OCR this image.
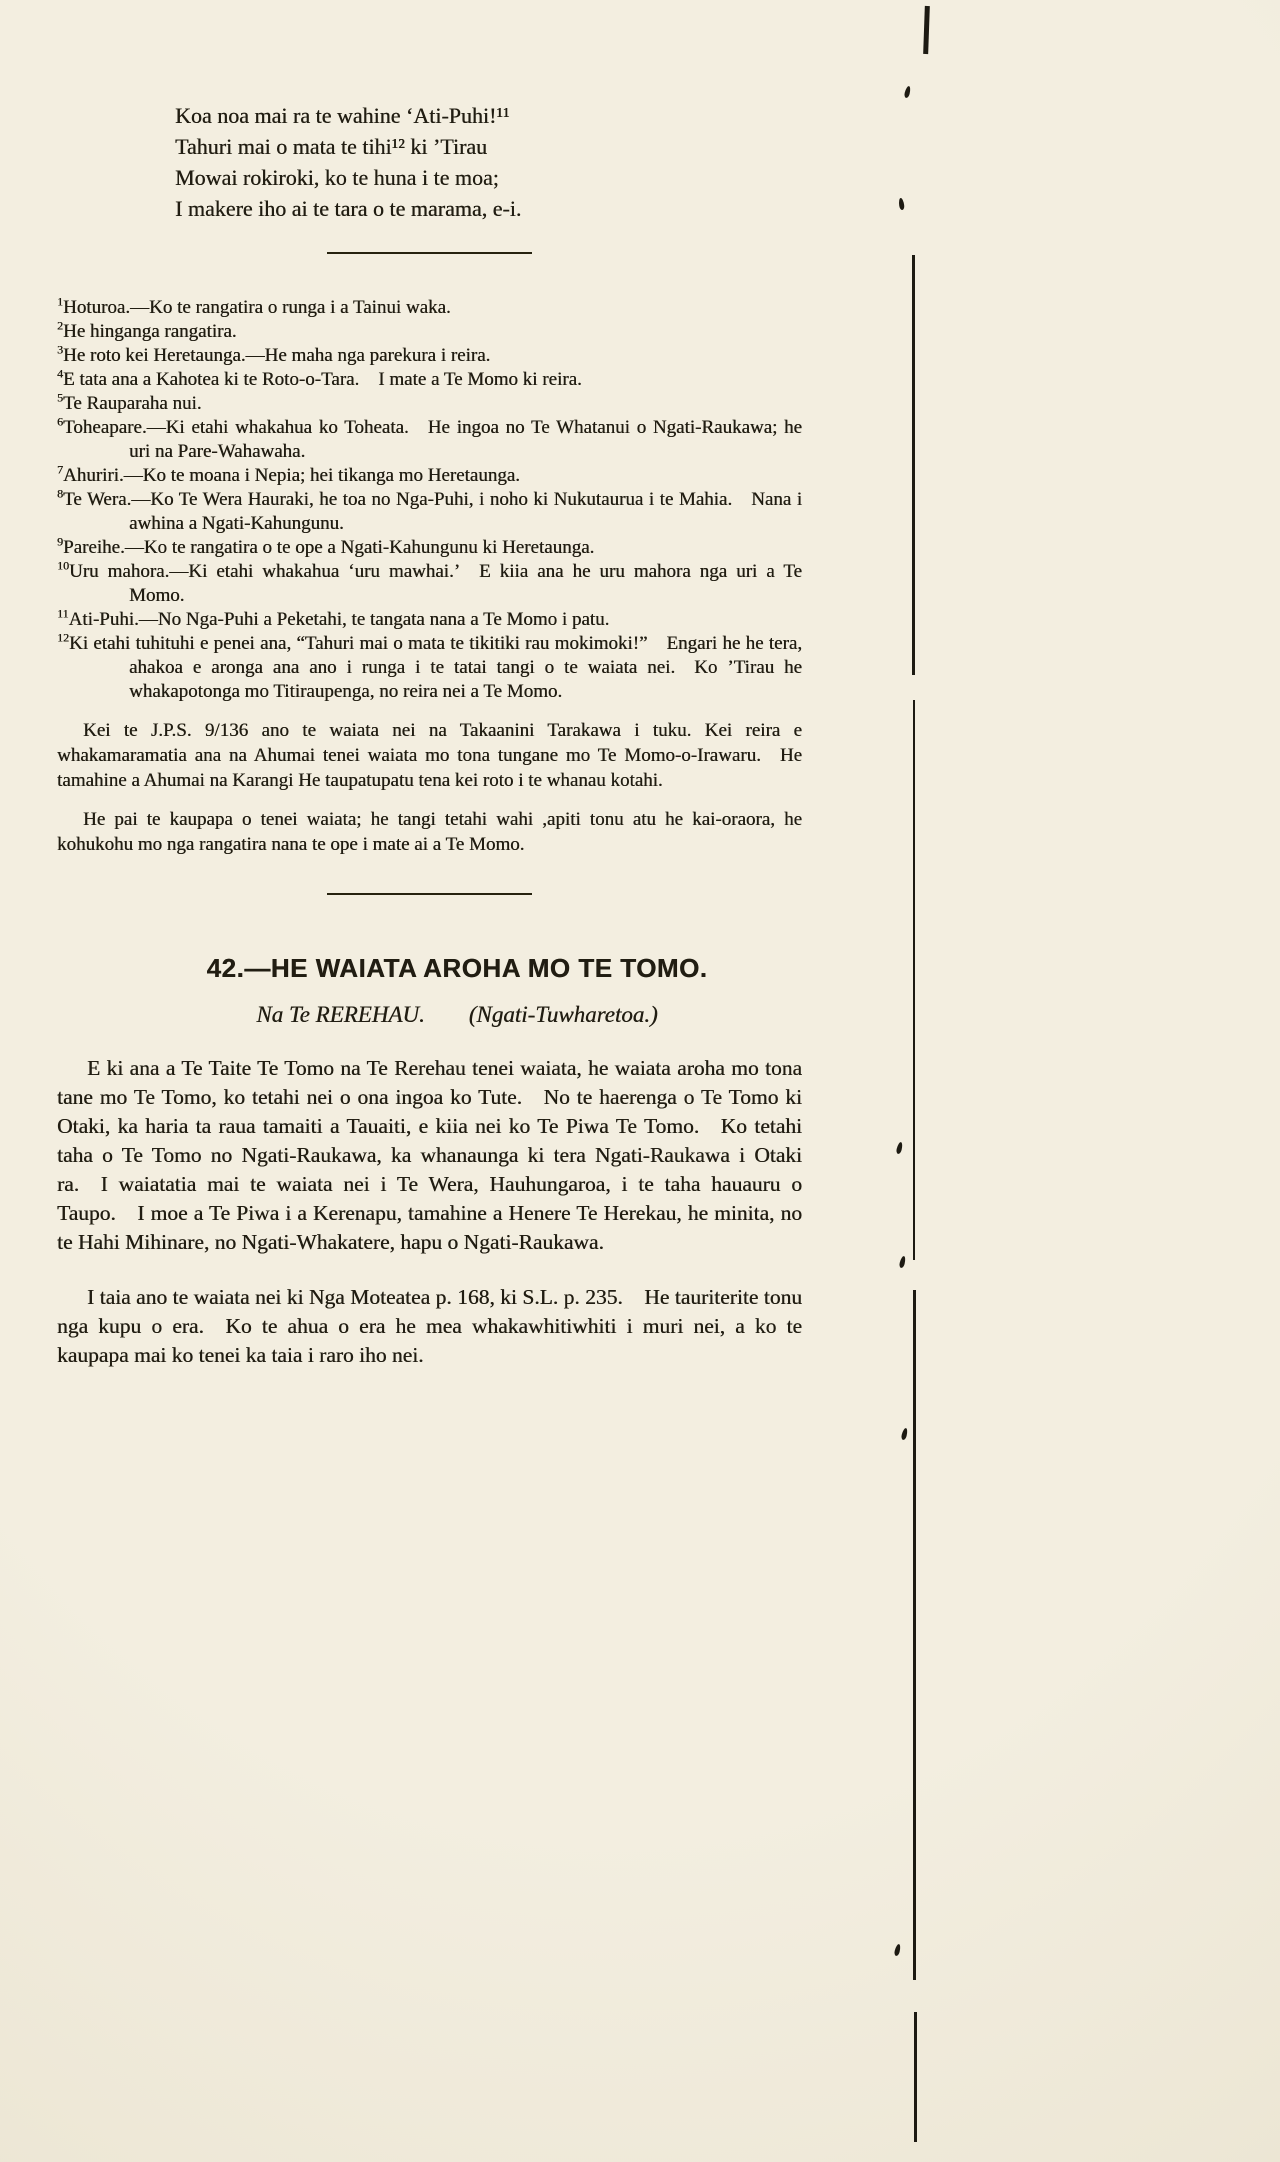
Koa noa mai ra te wahine ‘Ati-Puhi!¹¹
Tahuri mai o mata te tihi¹² ki ’Tirau
Mowai rokiroki, ko te huna i te moa;
I makere iho ai te tara o te marama, e-i.

$^1$Hoturoa.—Ko te rangatira o runga i a Tainui waka.

$^2$He hinganga rangatira.

$^3$He roto kei Heretaunga.—He maha nga parekura i reira.

$^4$E tata ana a Kahotea ki te Roto-o-Tara. I mate a Te Momo ki reira.

$^5$Te Rauparaha nui.

$^6$Toheapare.—Ki etahi whakahua ko Toheata. He ingoa no Te Whatanui o Ngati-Raukawa; he uri na Pare-Wahawaha.

$^7$Ahuriri.—Ko te moana i Nepia; hei tikanga mo Heretaunga.

$^8$Te Wera.—Ko Te Wera Hauraki, he toa no Nga-Puhi, i noho ki Nukutaurua i te Mahia. Nana i awhina a Ngati-Kahungunu.

$^9$Pareihe.—Ko te rangatira o te ope a Ngati-Kahungunu ki Heretaunga.

$^{10}$Uru mahora.—Ki etahi whakahua ‘uru mawhai.’ E kiia ana he uru mahora nga uri a Te Momo.

$^{11}$Ati-Puhi.—No Nga-Puhi a Peketahi, te tangata nana a Te Momo i patu.

$^{12}$Ki etahi tuhituhi e penei ana, “Tahuri mai o mata te tikitiki rau mokimoki!” Engari he he tera, ahakoa e aronga ana ano i runga i te tatai tangi o te waiata nei. Ko ’Tirau he whakapotonga mo Titiraupenga, no reira nei a Te Momo.

Kei te J.P.S. 9/136 ano te waiata nei na Takaanini Tarakawa i tuku. Kei reira e whakamaramatia ana na Ahumai tenei waiata mo tona tungane mo Te Momo-o-Irawaru. He tamahine a Ahumai na Karangi He taupatupatu tena kei roto i te whanau kotahi.

He pai te kaupapa o tenei waiata; he tangi tetahi wahi ,apiti tonu atu he kai-oraora, he kohukohu mo nga rangatira nana te ope i mate ai a Te Momo.

42.—HE WAIATA AROHA MO TE TOMO.

Na Te REREHAU. (Ngati-Tuwharetoa.)

E ki ana a Te Taite Te Tomo na Te Rerehau tenei waiata, he waiata aroha mo tona tane mo Te Tomo, ko tetahi nei o ona ingoa ko Tute. No te haerenga o Te Tomo ki Otaki, ka haria ta raua tamaiti a Tauaiti, e kiia nei ko Te Piwa Te Tomo. Ko tetahi taha o Te Tomo no Ngati-Raukawa, ka whanaunga ki tera Ngati-Raukawa i Otaki ra. I waiatatia mai te waiata nei i Te Wera, Hauhungaroa, i te taha hauauru o Taupo. I moe a Te Piwa i a Kerenapu, tamahine a Henere Te Herekau, he minita, no te Hahi Mihinare, no Ngati-Whakatere, hapu o Ngati-Raukawa.

I taia ano te waiata nei ki Nga Moteatea p. 168, ki S.L. p. 235. He tauriterite tonu nga kupu o era. Ko te ahua o era he mea whakawhitiwhiti i muri nei, a ko te kaupapa mai ko tenei ka taia i raro iho nei.
